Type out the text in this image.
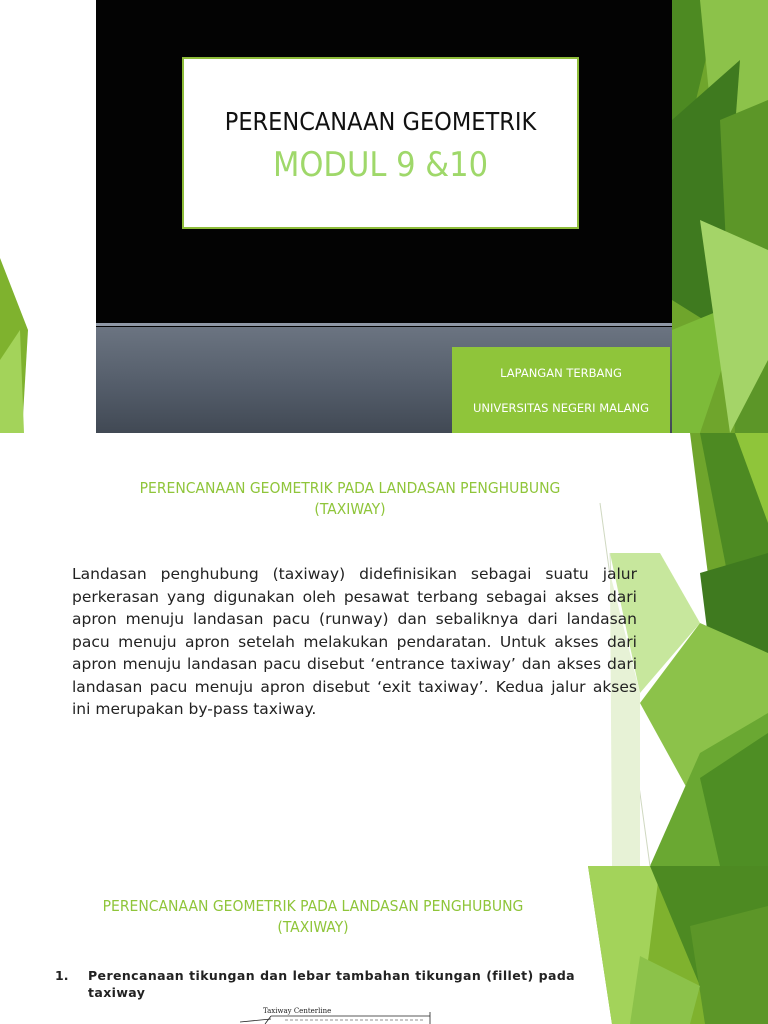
PERENCANAAN GEOMETRIK
MODUL 9 &10
LAPANGAN TERBANG
UNIVERSITAS NEGERI MALANG
PERENCANAAN GEOMETRIK PADA LANDASAN PENGHUBUNG
(TAXIWAY)

Landasan penghubung (taxiway) didefinisikan sebagai suatu jalur perkerasan yang digunakan oleh pesawat terbang sebagai akses dari apron menuju landasan pacu (runway) dan sebaliknya dari landasan pacu menuju apron setelah melakukan pendaratan. Untuk akses dari apron menuju landasan pacu disebut ‘entrance taxiway’ dan akses dari landasan pacu menuju apron disebut ‘exit taxiway’. Kedua jalur akses ini merupakan by-pass taxiway.

PERENCANAAN GEOMETRIK PADA LANDASAN PENGHUBUNG
(TAXIWAY)
1. Perencanaan tikungan dan lebar tambahan tikungan (fillet) pada taxiway
Taxiway Centerline
